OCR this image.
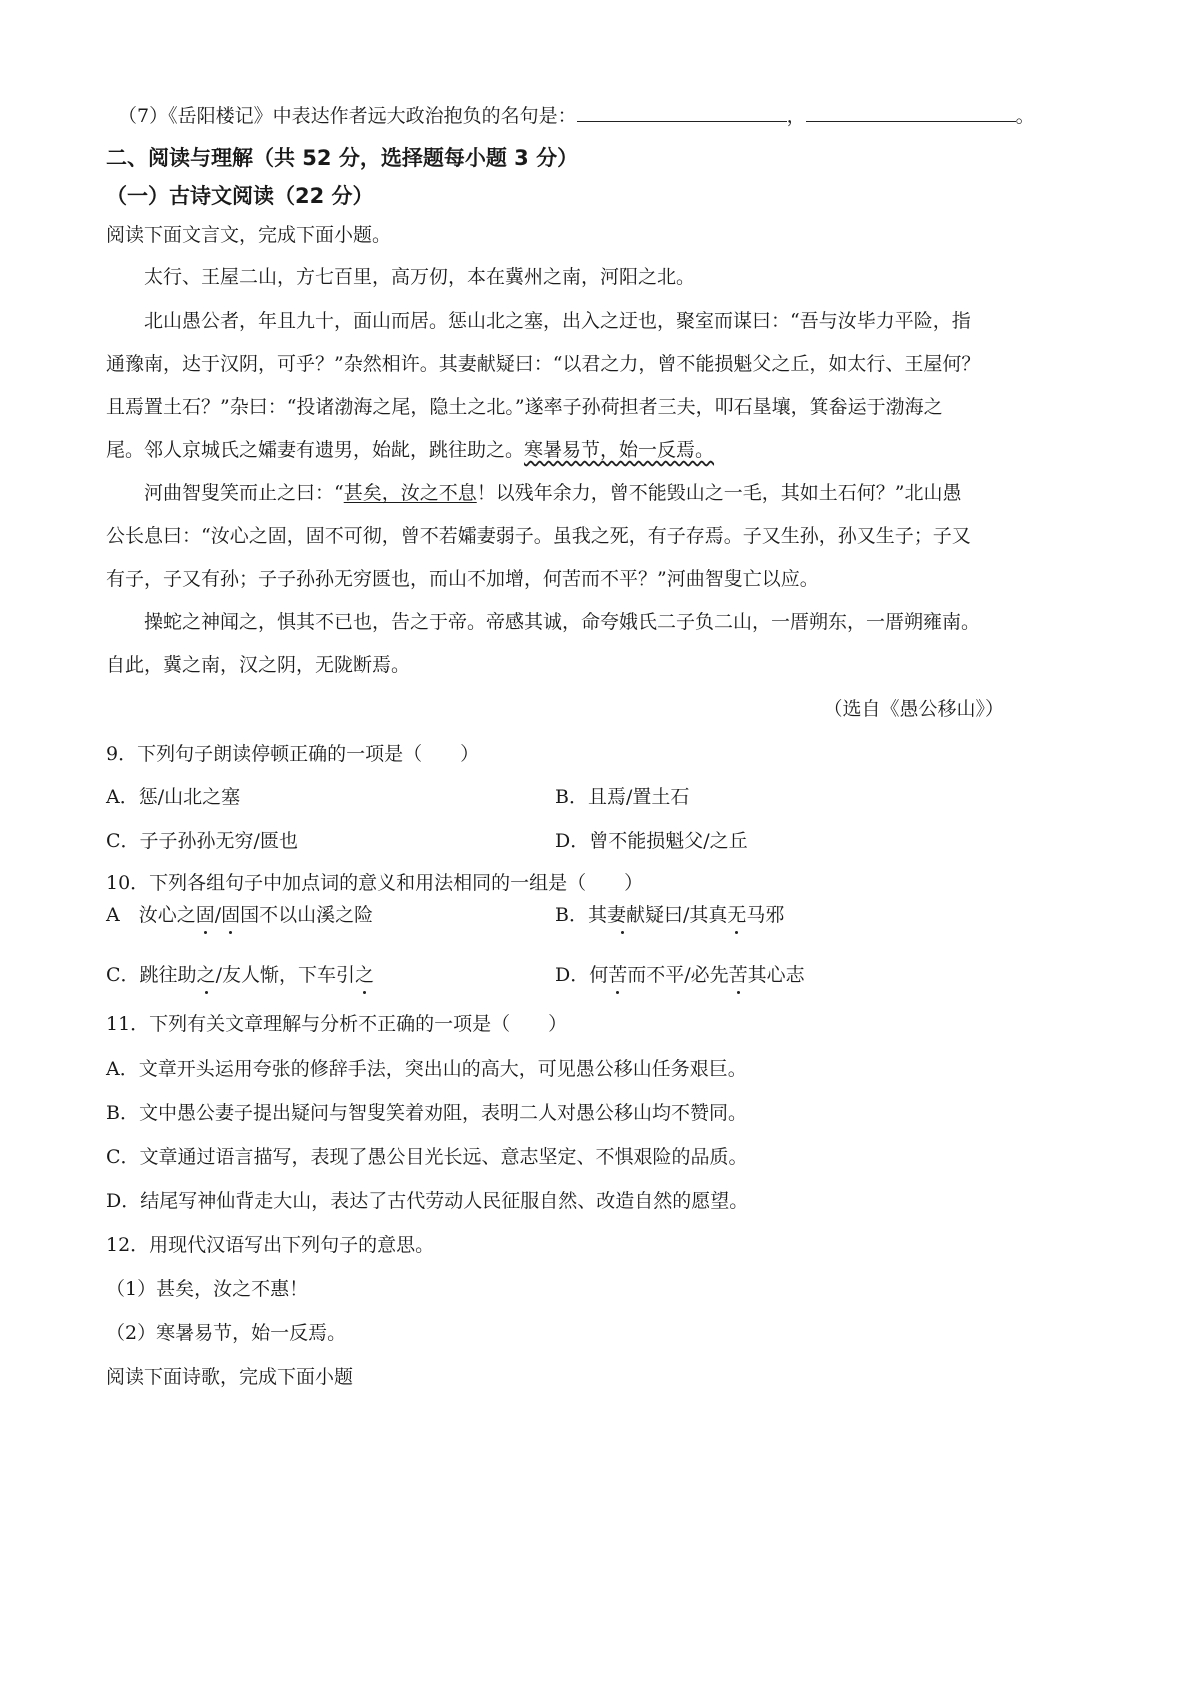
（7）《岳阳楼记》中表达作者远大政治抱负的名句是：	，	。
二、阅读与理解（共 52 分，选择题每小题 3 分）
（一）古诗文阅读（22 分）
阅读下面文言文，完成下面小题。
太行、王屋二山，方七百里，高万仞，本在冀州之南，河阳之北。
北山愚公者，年且九十，面山而居。惩山北之塞，出入之迂也，聚室而谋曰：“吾与汝毕力平险，指
通豫南，达于汉阴，可乎？”杂然相许。其妻献疑曰：“以君之力，曾不能损魁父之丘，如太行、王屋何？
且焉置土石？”杂曰：“投诸渤海之尾，隐土之北。”遂率子孙荷担者三夫，叩石垦壤，箕畚运于渤海之
尾。邻人京城氏之孀妻有遗男，始龀，跳往助之。寒暑易节，始一反焉。
河曲智叟笑而止之曰：“甚矣，汝之不息！以残年余力，曾不能毁山之一毛，其如土石何？”北山愚
公长息曰：“汝心之固，固不可彻，曾不若孀妻弱子。虽我之死，有子存焉。子又生孙，孙又生子；子又
有子，子又有孙；子子孙孙无穷匮也，而山不加增，何苦而不平？”河曲智叟亡以应。
操蛇之神闻之，惧其不已也，告之于帝。帝感其诚，命夸娥氏二子负二山，一厝朔东，一厝朔雍南。
自此，冀之南，汉之阴，无陇断焉。
（选自《愚公移山》）
9．下列句子朗读停顿正确的一项是（　　）
A．惩/山北之塞	B．且焉/置土石
C．子子孙孙无穷/匮也	D．曾不能损魁父/之丘
10．下列各组句子中加点词的意义和用法相同的一组是（　　）
A　汝心之固/固国不以山溪之险	B．其妻献疑曰/其真无马邪
C．跳往助之/友人惭，下车引之	D．何苦而不平/必先苦其心志
11．下列有关文章理解与分析不正确的一项是（　　）
A．文章开头运用夸张的修辞手法，突出山的高大，可见愚公移山任务艰巨。
B．文中愚公妻子提出疑问与智叟笑着劝阻，表明二人对愚公移山均不赞同。
C．文章通过语言描写，表现了愚公目光长远、意志坚定、不惧艰险的品质。
D．结尾写神仙背走大山，表达了古代劳动人民征服自然、改造自然的愿望。
12．用现代汉语写出下列句子的意思。
（1）甚矣，汝之不惠！
（2）寒暑易节，始一反焉。
阅读下面诗歌，完成下面小题
